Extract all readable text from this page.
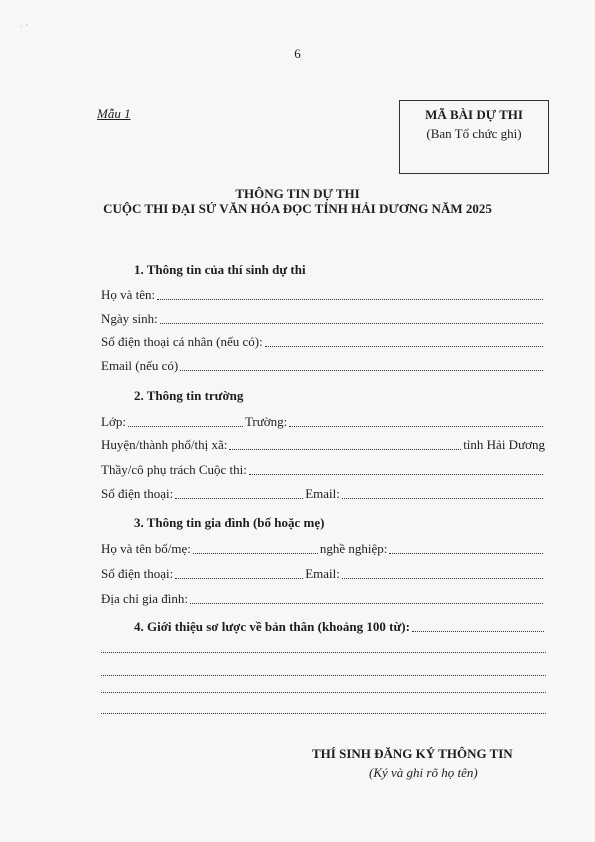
˒ ·
6
Mẫu 1	MÃ BÀI DỰ THI
(Ban Tổ chức ghi)
THÔNG TIN DỰ THI
CUỘC THI ĐẠI SỨ VĂN HÓA ĐỌC TỈNH HẢI DƯƠNG NĂM 2025
1. Thông tin của thí sinh dự thi
Họ và tên:
Ngày sinh:
Số điện thoại cá nhân (nếu có):
Email (nếu có)
2. Thông tin trường
Lớp:	Trường:
Huyện/thành phố/thị xã:	tỉnh Hải Dương
Thầy/cô phụ trách Cuộc thi:
Số điện thoại:	Email:
3. Thông tin gia đình (bố hoặc mẹ)
Họ và tên bố/mẹ:	nghề nghiệp:
Số điện thoại:	Email:
Địa chỉ gia đình:
4. Giới thiệu sơ lược về bản thân (khoảng 100 từ):
THÍ SINH ĐĂNG KÝ THÔNG TIN
(Ký và ghi rõ họ tên)
